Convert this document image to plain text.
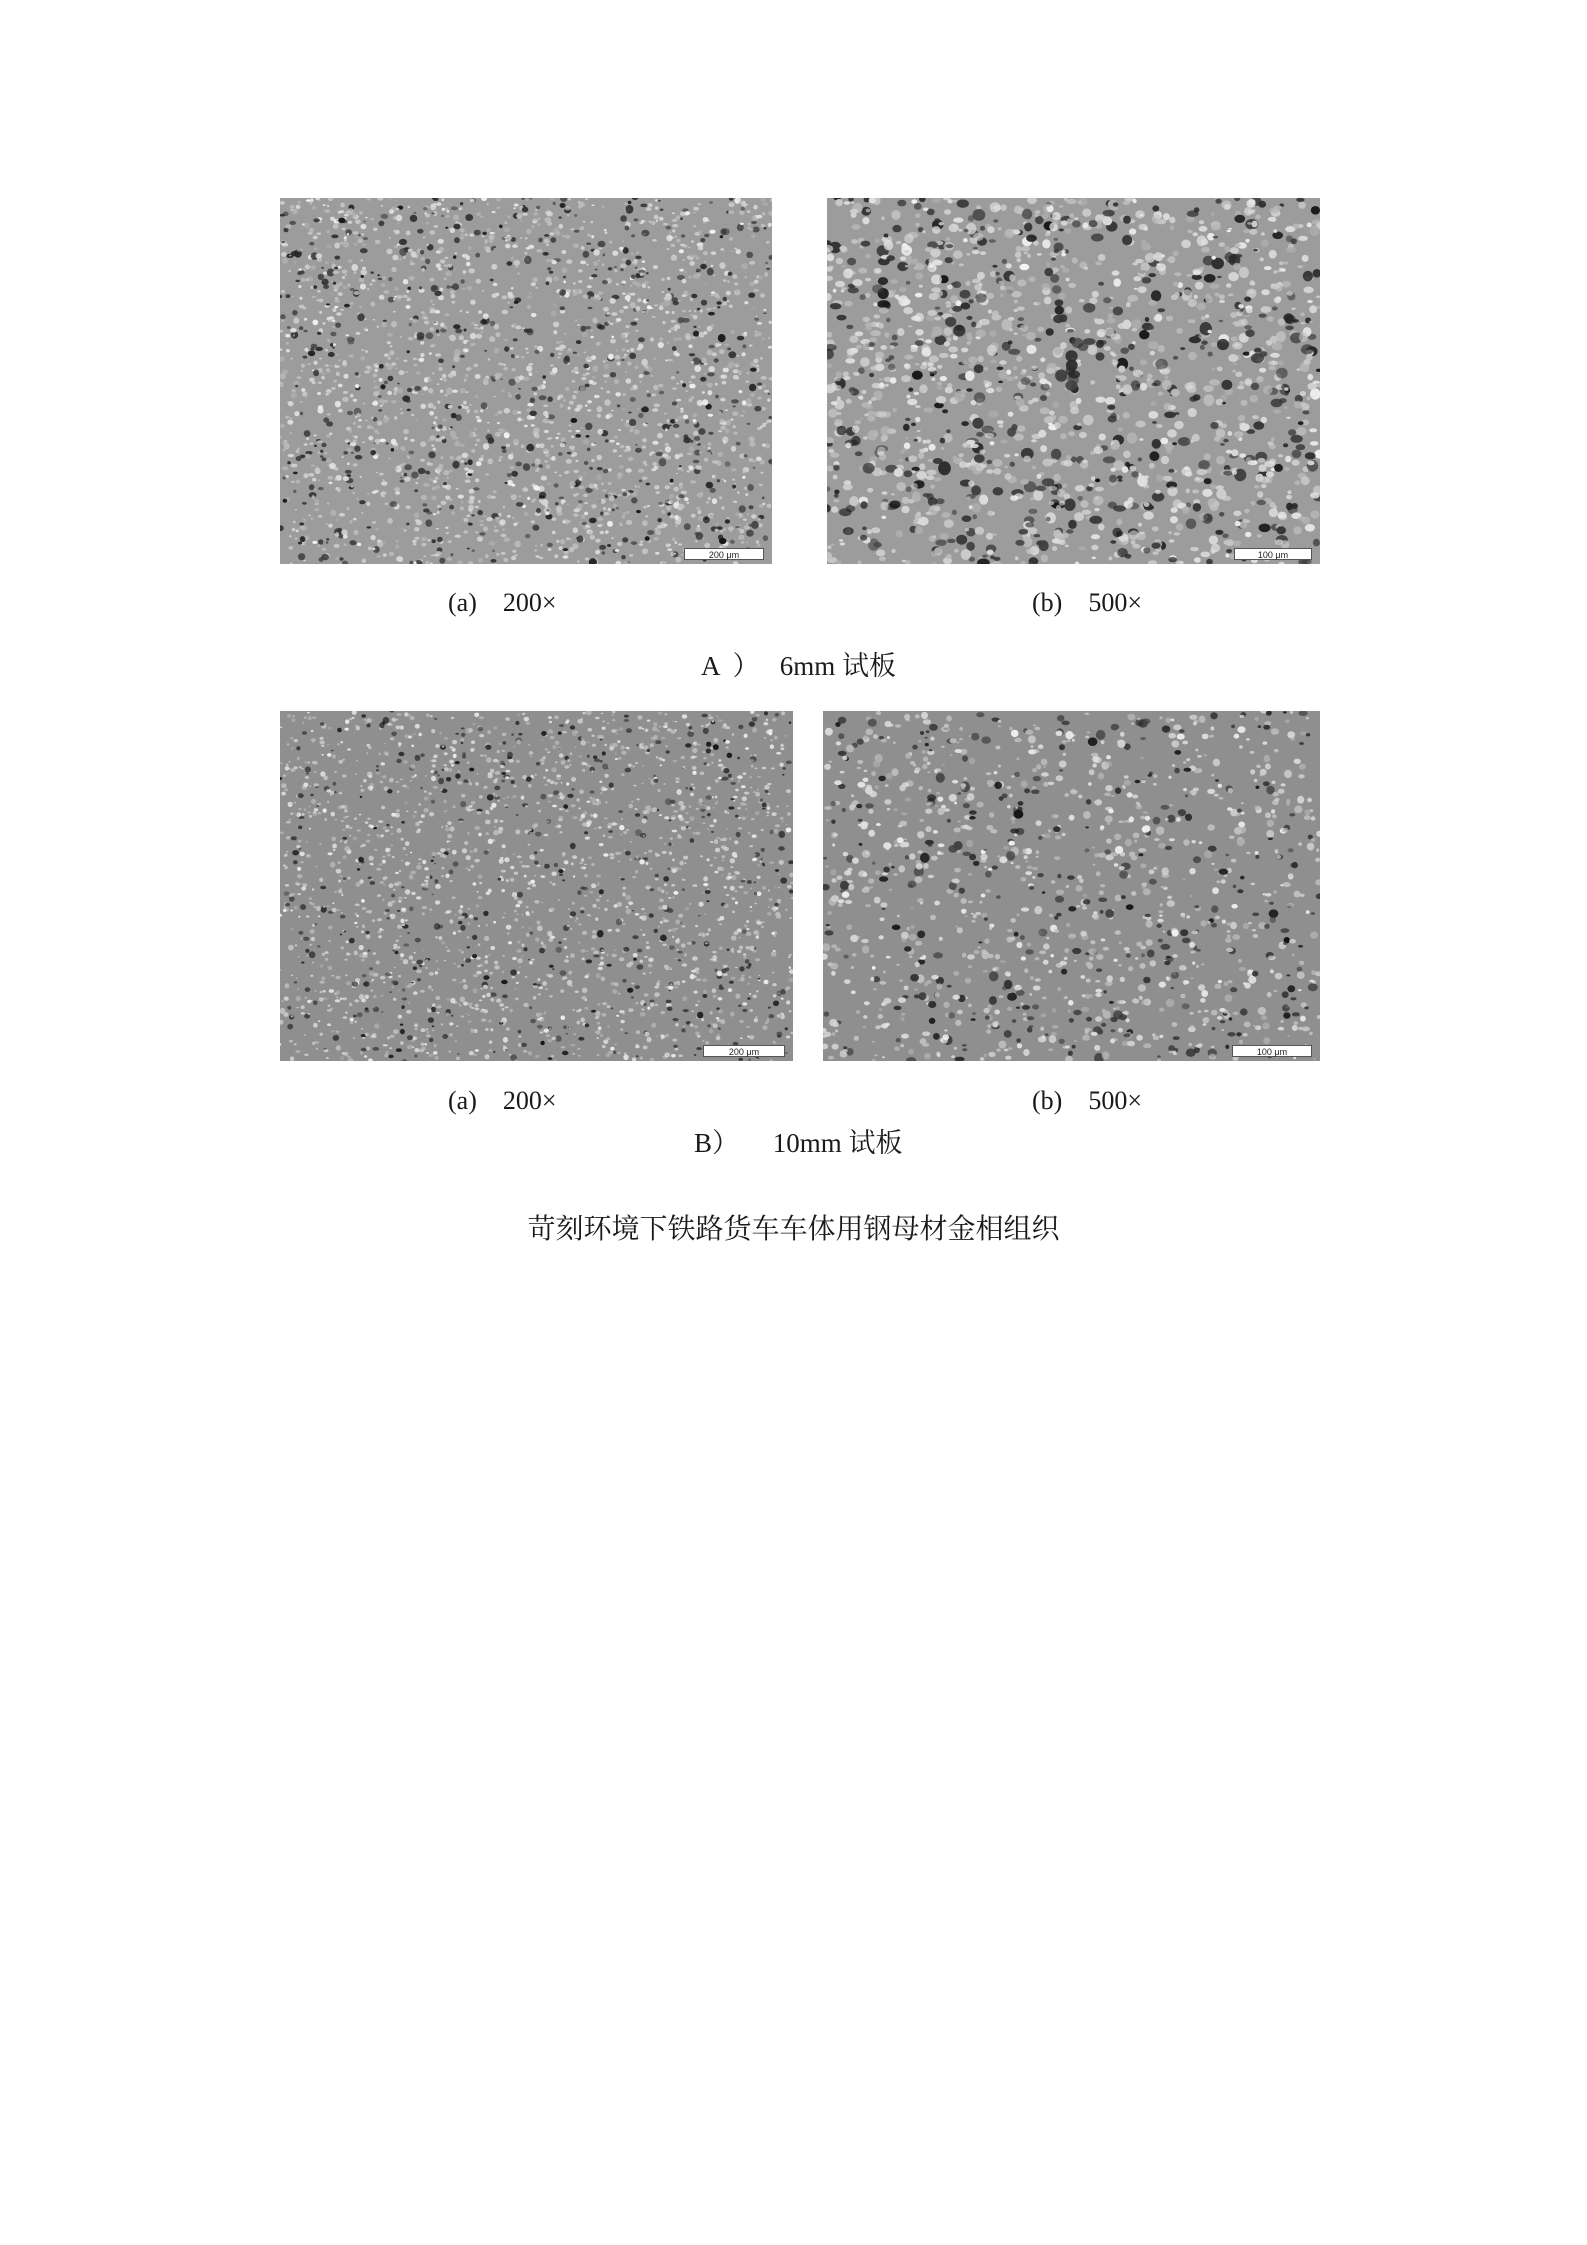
200 μm	100 μm
(a)    200×	(b)    500×
A  ）   6mm 试板
200 μm	100 μm
(a)    200×	(b)    500×
B）     10mm 试板
苛刻环境下铁路货车车体用钢母材金相组织
